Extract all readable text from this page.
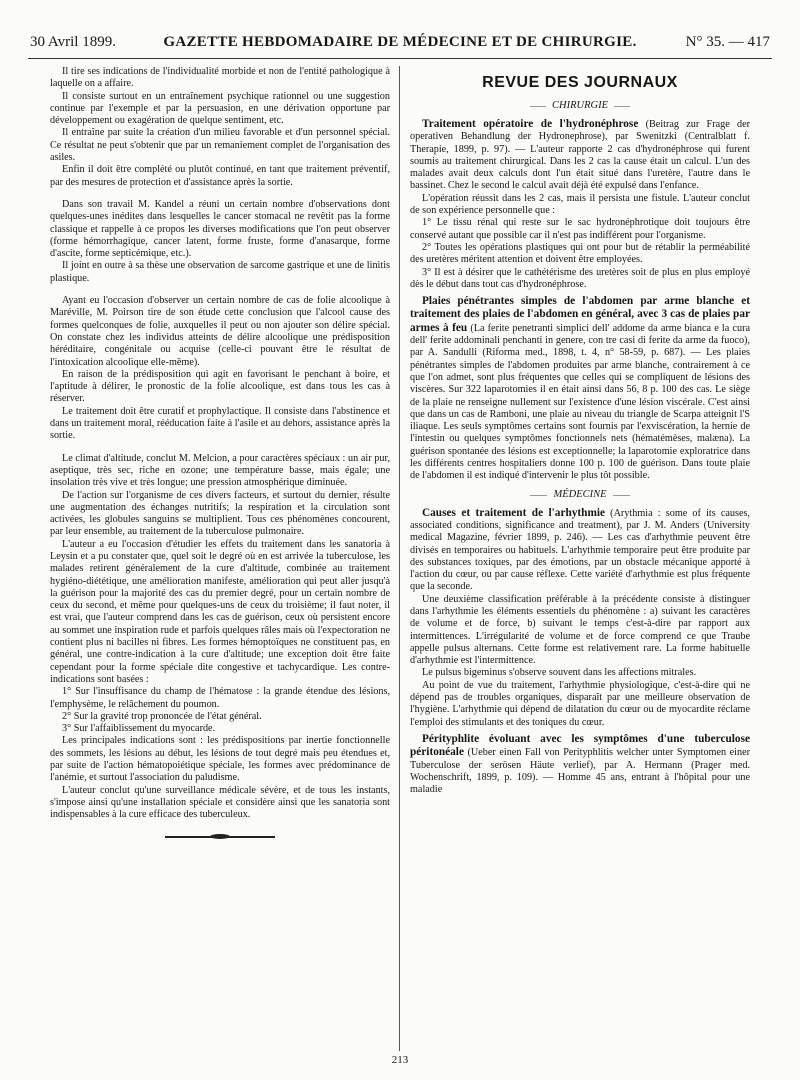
30 Avril 1899.	GAZETTE HEBDOMADAIRE DE MÉDECINE ET DE CHIRURGIE.	N° 35. — 417

Il tire ses indications de l'individualité morbide et non de l'entité pathologique à laquelle on a affaire.

Il consiste surtout en un entraînement psychique rationnel ou une suggestion continue par l'exemple et par la persuasion, en une dérivation opportune par développement ou exagération de quelque sentiment, etc.

Il entraîne par suite la création d'un milieu favorable et d'un personnel spécial. Ce résultat ne peut s'obtenir que par un remaniement complet de l'organisation des asiles.

Enfin il doit être complété ou plutôt continué, en tant que traitement préventif, par des mesures de protection et d'assistance après la sortie.

Dans son travail M. Kandel a réuni un certain nombre d'observations dont quelques-unes inédites dans lesquelles le cancer stomacal ne revêtit pas la forme classique et rappelle à ce propos les diverses modifications que l'on peut observer (forme hémorrhagique, cancer latent, forme fruste, forme d'anasarque, forme d'ascite, forme septicémique, etc.).

Il joint en outre à sa thèse une observation de sarcome gastrique et une de linitis plastique.

Ayant eu l'occasion d'observer un certain nombre de cas de folie alcoolique à Maréville, M. Poirson tire de son étude cette conclusion que l'alcool cause des formes quelconques de folie, auxquelles il peut ou non ajouter son délire spécial. On constate chez les individus atteints de délire alcoolique une prédisposition héréditaire, congénitale ou acquise (celle-ci pouvant être le résultat de l'intoxication alcoolique elle-même).

En raison de la prédisposition qui agit en favorisant le penchant à boire, et l'aptitude à délirer, le pronostic de la folie alcoolique, est dans tous les cas à réserver.

Le traitement doit être curatif et prophylactique. Il consiste dans l'abstinence et dans un traitement moral, rééducation faite à l'asile et au dehors, assistance après la sortie.

Le climat d'altitude, conclut M. Melcion, a pour caractères spéciaux : un air pur, aseptique, très sec, riche en ozone; une température basse, mais égale; une insolation très vive et très longue; une pression atmosphérique diminuée.

De l'action sur l'organisme de ces divers facteurs, et surtout du dernier, résulte une augmentation des échanges nutritifs; la respiration et la circulation sont activées, les globules sanguins se multiplient. Tous ces phénomènes concourent, par leur ensemble, au traitement de la tuberculose pulmonaire.

L'auteur a eu l'occasion d'étudier les effets du traitement dans les sanatoria à Leysin et a pu constater que, quel soit le degré où en est arrivée la tuberculose, les malades retirent généralement de la cure d'altitude, combinée au traitement hygiéno-diététique, une amélioration manifeste, amélioration qui peut aller jusqu'à la guérison pour la majorité des cas du premier degré, pour un certain nombre de ceux du second, et même pour quelques-uns de ceux du troisième; il faut noter, il est vrai, que l'auteur comprend dans les cas de guérison, ceux où persistent encore au sommet une inspiration rude et parfois quelques râles mais où l'expectoration ne contient plus ni bacilles ni fibres. Les formes hémoptoïques ne constituent pas, en général, une contre-indication à la cure d'altitude; une exception doit être faite cependant pour la forme spéciale dite congestive et tachycardique. Les contre-indications sont basées :

1° Sur l'insuffisance du champ de l'hématose : la grande étendue des lésions, l'emphysème, le relâchement du poumon.

2° Sur la gravité trop prononcée de l'état général.

3° Sur l'affaiblissement du myocarde.

Les principales indications sont : les prédispositions par inertie fonctionnelle des sommets, les lésions au début, les lésions de tout degré mais peu étendues et, par suite de l'action hématopoiétique spéciale, les formes avec prédominance de l'anémie, et surtout l'association du paludisme.

L'auteur conclut qu'une surveillance médicale sévère, et de tous les instants, s'impose ainsi qu'une installation spéciale et considère ainsi que les sanatoria sont indispensables à la cure efficace des tuberculeux.

REVUE DES JOURNAUX
CHIRURGIE

Traitement opératoire de l'hydronéphrose (Beitrag zur Frage der operativen Behandlung der Hydronephrose), par Swenitzki (Centralblatt f. Therapie, 1899, p. 97). — L'auteur rapporte 2 cas d'hydronéphrose qui furent soumis au traitement chirurgical. Dans les 2 cas la cause était un calcul. L'un des malades avait deux calculs dont l'un était situé dans l'uretère, l'autre dans le bassinet. Chez le second le calcul avait déjà été expulsé dans l'enfance.

L'opération réussit dans les 2 cas, mais il persista une fistule. L'auteur conclut de son expérience personnelle que :

1° Le tissu rénal qui reste sur le sac hydronéphrotique doit toujours être conservé autant que possible car il n'est pas indifférent pour l'organisme.

2° Toutes les opérations plastiques qui ont pour but de rétablir la perméabilité des uretères méritent attention et doivent être employées.

3° Il est à désirer que le cathétérisme des uretères soit de plus en plus employé dès le début dans tout cas d'hydronéphrose.

Plaies pénétrantes simples de l'abdomen par arme blanche et traitement des plaies de l'abdomen en général, avec 3 cas de plaies par armes à feu (La ferite penetranti simplici dell' addome da arme bianca e la cura dell' ferite addominali penchanti in genere, con tre casi di ferite da arme da fuoco), par A. Sandulli (Riforma med., 1898, t. 4, n° 58-59, p. 687). — Les plaies pénétrantes simples de l'abdomen produites par arme blanche, contrairement à ce que l'on admet, sont plus fréquentes que celles qui se compliquent de lésions des viscères. Sur 322 laparotomies il en était ainsi dans 56, 8 p. 100 des cas. Le siège de la plaie ne renseigne nullement sur l'existence d'une lésion viscérale. C'est ainsi que dans un cas de Ramboni, une plaie au niveau du triangle de Scarpa atteignit l'S iliaque. Les seuls symptômes certains sont fournis par l'exviscération, la hernie de l'intestin ou quelques symptômes fonctionnels nets (hématémèses, malæna). La guérison spontanée des lésions est exceptionnelle; la laparotomie exploratrice dans les différents centres hospitaliers donne 100 p. 100 de guérison. Dans toute plaie de l'abdomen il est indiqué d'intervenir le plus tôt possible.

MÉDECINE

Causes et traitement de l'arhythmie (Arythmia : some of its causes, associated conditions, significance and treatment), par J. M. Anders (University medical Magazine, février 1899, p. 246). — Les cas d'arhythmie peuvent être divisés en temporaires ou habituels. L'arhythmie temporaire peut être produite par des substances toxiques, par des émotions, par un obstacle mécanique apporté à l'action du cœur, ou par cause réflexe. Cette variété d'arhythmie est plus fréquente que la seconde.

Une deuxième classification préférable à la précédente consiste à distinguer dans l'arhythmie les éléments essentiels du phénomène : a) suivant les caractères de volume et de force, b) suivant le temps c'est-à-dire par rapport aux intermittences. L'irrégularité de volume et de force comprend ce que Traube appelle pulsus alternans. Cette forme est relativement rare. La forme habituelle d'arhythmie est l'intermittence.

Le pulsus bigeminus s'observe souvent dans les affections mitrales.

Au point de vue du traitement, l'arhythmie physiologique, c'est-à-dire qui ne dépend pas de troubles organiques, disparaît par une meilleure observation de l'hygiène. L'arhythmie qui dépend de dilatation du cœur ou de myocardite réclame l'emploi des stimulants et des toniques du cœur.

Pérityphlite évoluant avec les symptômes d'une tuberculose péritonéale (Ueber einen Fall von Perityphlitis welcher unter Symptomen einer Tuberculose der serösen Häute verlief), par A. Hermann (Prager med. Wochenschrift, 1899, p. 109). — Homme 45 ans, entrant à l'hôpital pour une maladie

213
